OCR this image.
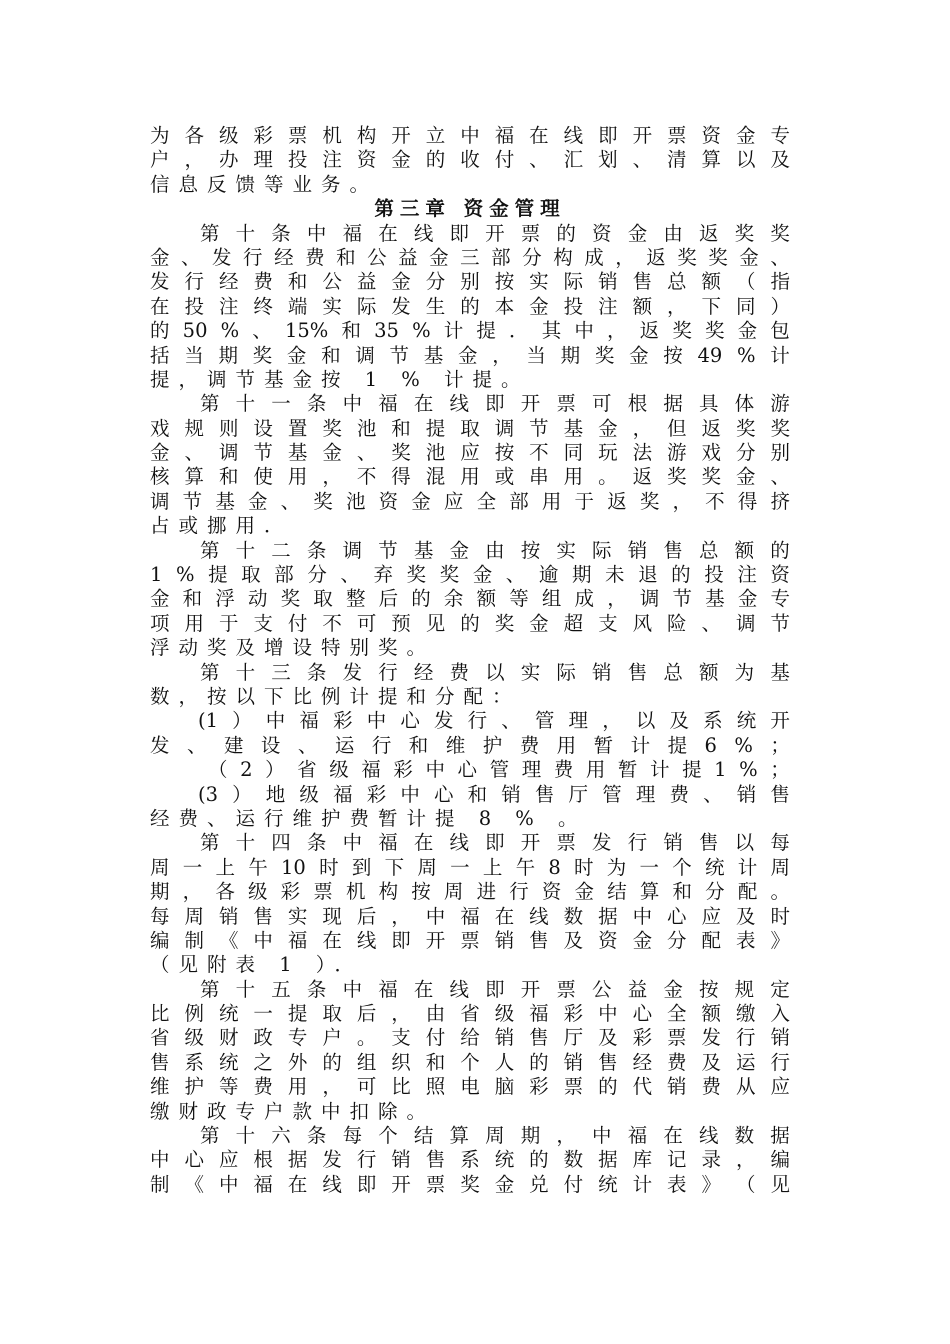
为 各 级 彩 票 机 构 开 立 中 福 在 线 即 开 票 资 金 专
户 ， 办 理 投 注 资 金 的 收 付 、 汇 划 、 清 算 以 及
信息反馈等业务。
第三章 资金管理
第 十 条 中 福 在 线 即 开 票 的 资 金 由 返 奖 奖
金 、 发 行 经 费 和 公 益 金 三 部 分 构 成 ， 返 奖 奖 金 、
发 行 经 费 和 公 益 金 分 别 按 实 际 销 售 总 额 （ 指
在 投 注 终 端 实 际 发 生 的 本 金 投 注 额 ， 下 同 ）
的 50 % 、 15% 和 35 % 计 提 ． 其 中 ， 返 奖 奖 金 包
括 当 期 奖 金 和 调 节 基 金 ， 当 期 奖 金 按 49 % 计
提，调节基金按 1 % 计提。
第 十 一 条 中 福 在 线 即 开 票 可 根 据 具 体 游
戏 规 则 设 置 奖 池 和 提 取 调 节 基 金 ， 但 返 奖 奖
金 、 调 节 基 金 、 奖 池 应 按 不 同 玩 法 游 戏 分 别
核 算 和 使 用 ， 不 得 混 用 或 串 用 。 返 奖 奖 金 、
调 节 基 金 、 奖 池 资 金 应 全 部 用 于 返 奖 ， 不 得 挤
占或挪用．
第 十 二 条 调 节 基 金 由 按 实 际 销 售 总 额 的
1 % 提 取 部 分 、 弃 奖 奖 金 、 逾 期 未 退 的 投 注 资
金 和 浮 动 奖 取 整 后 的 余 额 等 组 成 ， 调 节 基 金 专
项 用 于 支 付 不 可 预 见 的 奖 金 超 支 风 险 、 调 节
浮动奖及增设特别奖。
第 十 三 条 发 行 经 费 以 实 际 销 售 总 额 为 基
数，按以下比例计提和分配：
(1 ） 中 福 彩 中 心 发 行 、 管 理 ， 以 及 系 统 开
发 、 建 设 、 运 行 和 维 护 费 用 暂 计 提 6 % ；
（ 2 ） 省 级 福 彩 中 心 管 理 费 用 暂 计 提 1 % ；
(3 ） 地 级 福 彩 中 心 和 销 售 厅 管 理 费 、 销 售
经费、运行维护费暂计提 8 % 。
第 十 四 条 中 福 在 线 即 开 票 发 行 销 售 以 每
周 一 上 午 10 时 到 下 周 一 上 午 8 时 为 一 个 统 计 周
期 ， 各 级 彩 票 机 构 按 周 进 行 资 金 结 算 和 分 配 。
每 周 销 售 实 现 后 ， 中 福 在 线 数 据 中 心 应 及 时
编 制 《 中 福 在 线 即 开 票 销 售 及 资 金 分 配 表 》
（见附表 1 ）．
第 十 五 条 中 福 在 线 即 开 票 公 益 金 按 规 定
比 例 统 一 提 取 后 ， 由 省 级 福 彩 中 心 全 额 缴 入
省 级 财 政 专 户 。 支 付 给 销 售 厅 及 彩 票 发 行 销
售 系 统 之 外 的 组 织 和 个 人 的 销 售 经 费 及 运 行
维 护 等 费 用 ， 可 比 照 电 脑 彩 票 的 代 销 费 从 应
缴财政专户款中扣除。
第 十 六 条 每 个 结 算 周 期 ， 中 福 在 线 数 据
中 心 应 根 据 发 行 销 售 系 统 的 数 据 库 记 录 ， 编
制 《 中 福 在 线 即 开 票 奖 金 兑 付 统 计 表 》 （ 见
